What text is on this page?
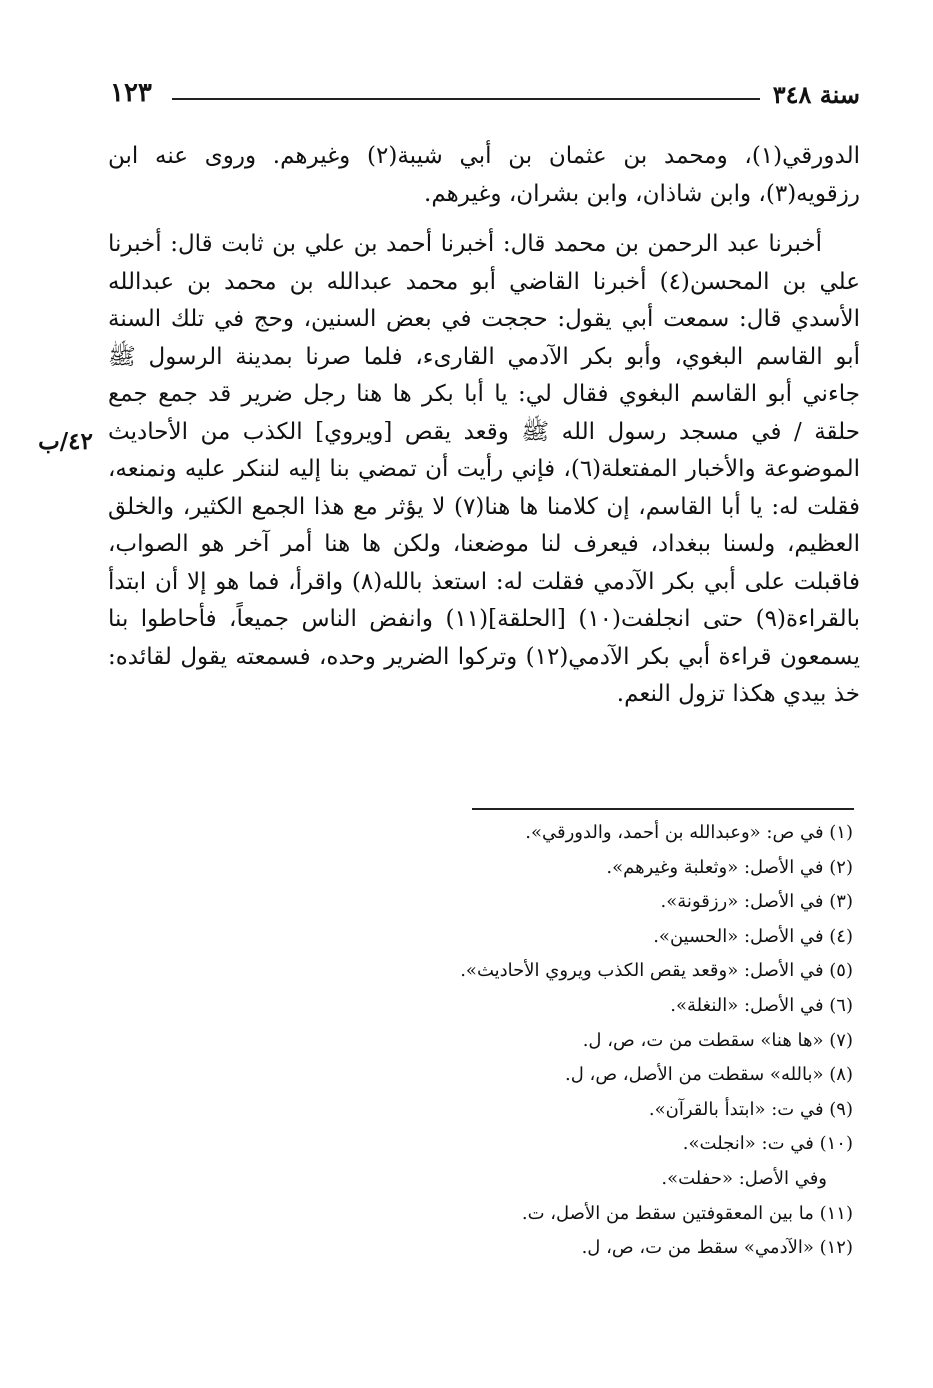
سنة ٣٤٨
١٢٣
٤٢/ب

الدورقي(١)، ومحمد بن عثمان بن أبي شيبة(٢) وغيرهم. وروى عنه ابن رزقويه(٣)، وابن شاذان، وابن بشران، وغيرهم.

أخبرنا عبد الرحمن بن محمد قال: أخبرنا أحمد بن علي بن ثابت قال: أخبرنا علي بن المحسن(٤) أخبرنا القاضي أبو محمد عبدالله بن محمد بن عبدالله الأسدي قال: سمعت أبي يقول: حججت في بعض السنين، وحج في تلك السنة أبو القاسم البغوي، وأبو بكر الآدمي القارىء، فلما صرنا بمدينة الرسول ﷺ جاءني أبو القاسم البغوي فقال لي: يا أبا بكر ها هنا رجل ضرير قد جمع جمع حلقة / في مسجد رسول الله ﷺ وقعد يقص [ويروي] الكذب من الأحاديث الموضوعة والأخبار المفتعلة(٦)، فإني رأيت أن تمضي بنا إليه لننكر عليه ونمنعه، فقلت له: يا أبا القاسم، إن كلامنا ها هنا(٧) لا يؤثر مع هذا الجمع الكثير، والخلق العظيم، ولسنا ببغداد، فيعرف لنا موضعنا، ولكن ها هنا أمر آخر هو الصواب، فاقبلت على أبي بكر الآدمي فقلت له: استعذ بالله(٨) واقرأ، فما هو إلا أن ابتدأ بالقراءة(٩) حتى انجلفت(١٠) [الحلقة](١١) وانفض الناس جميعاً، فأحاطوا بنا يسمعون قراءة أبي بكر الآدمي(١٢) وتركوا الضرير وحده، فسمعته يقول لقائده: خذ بيدي هكذا تزول النعم.

(١) في ص: «وعبدالله بن أحمد، والدورقي».
(٢) في الأصل: «وثعلبة وغيرهم».
(٣) في الأصل: «رزقونة».
(٤) في الأصل: «الحسين».
(٥) في الأصل: «وقعد يقص الكذب ويروي الأحاديث».
(٦) في الأصل: «النغلة».
(٧) «ها هنا» سقطت من ت، ص، ل.
(٨) «بالله» سقطت من الأصل، ص، ل.
(٩) في ت: «ابتدأ بالقرآن».
(١٠) في ت: «انجلت».
وفي الأصل: «حفلت».
(١١) ما بين المعقوفتين سقط من الأصل، ت.
(١٢) «الآدمي» سقط من ت، ص، ل.
